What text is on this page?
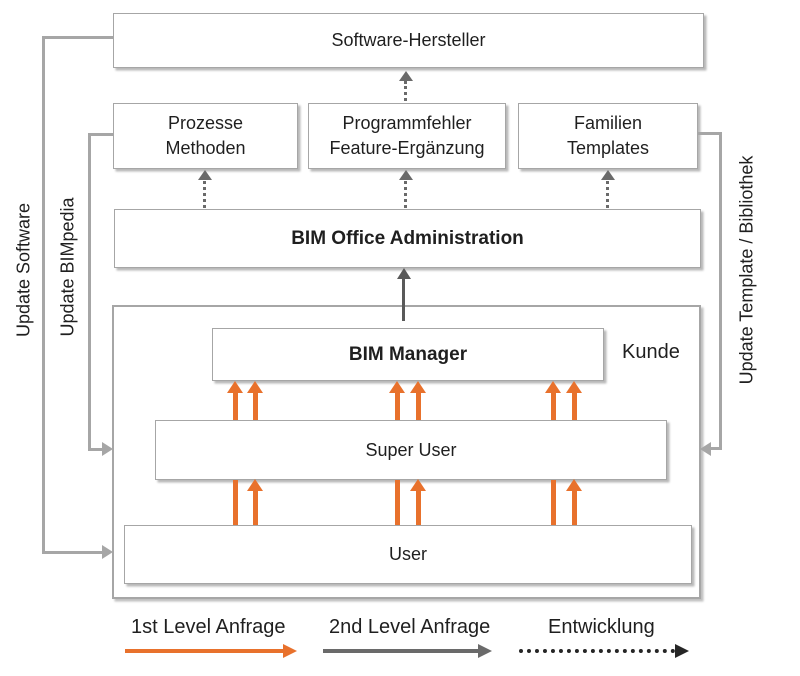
Software-Hersteller
Prozesse
Methoden
Programmfehler
Feature-Ergänzung
Familien
Templates
BIM Office Administration
Kunde
BIM Manager
Super User
User
Update Software Update BIMpedia	Update Template / Bibliothek
1st Level Anfrage 2nd Level Anfrage	Entwicklung
